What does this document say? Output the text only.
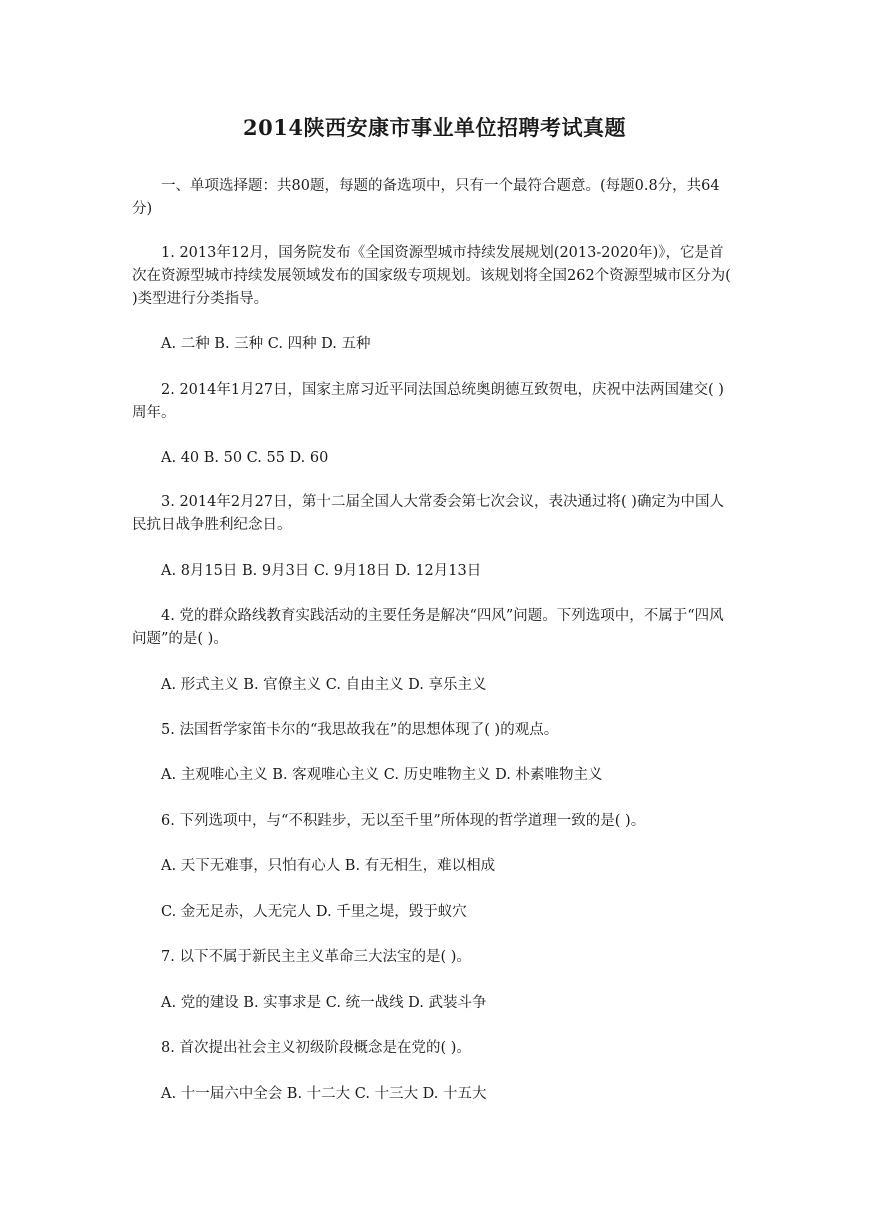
2014陕西安康市事业单位招聘考试真题

一、单项选择题：共80题，每题的备选项中，只有一个最符合题意。(每题0.8分，共64分)

1. 2013年12月，国务院发布《全国资源型城市持续发展规划(2013-2020年)》，它是首次在资源型城市持续发展领域发布的国家级专项规划。该规划将全国262个资源型城市区分为( )类型进行分类指导。

A. 二种 B. 三种 C. 四种 D. 五种

2. 2014年1月27日，国家主席习近平同法国总统奥朗德互致贺电，庆祝中法两国建交( )周年。

A. 40 B. 50 C. 55 D. 60

3. 2014年2月27日，第十二届全国人大常委会第七次会议，表决通过将( )确定为中国人民抗日战争胜利纪念日。

A. 8月15日 B. 9月3日 C. 9月18日 D. 12月13日

4. 党的群众路线教育实践活动的主要任务是解决“四风”问题。下列选项中，不属于“四风问题”的是( )。

A. 形式主义 B. 官僚主义 C. 自由主义 D. 享乐主义

5. 法国哲学家笛卡尔的“我思故我在”的思想体现了( )的观点。

A. 主观唯心主义 B. 客观唯心主义 C. 历史唯物主义 D. 朴素唯物主义

6. 下列选项中，与“不积跬步，无以至千里”所体现的哲学道理一致的是( )。

A. 天下无难事，只怕有心人 B. 有无相生，难以相成

C. 金无足赤，人无完人 D. 千里之堤，毁于蚁穴

7. 以下不属于新民主主义革命三大法宝的是( )。

A. 党的建设 B. 实事求是 C. 统一战线 D. 武装斗争

8. 首次提出社会主义初级阶段概念是在党的( )。

A. 十一届六中全会 B. 十二大 C. 十三大 D. 十五大
